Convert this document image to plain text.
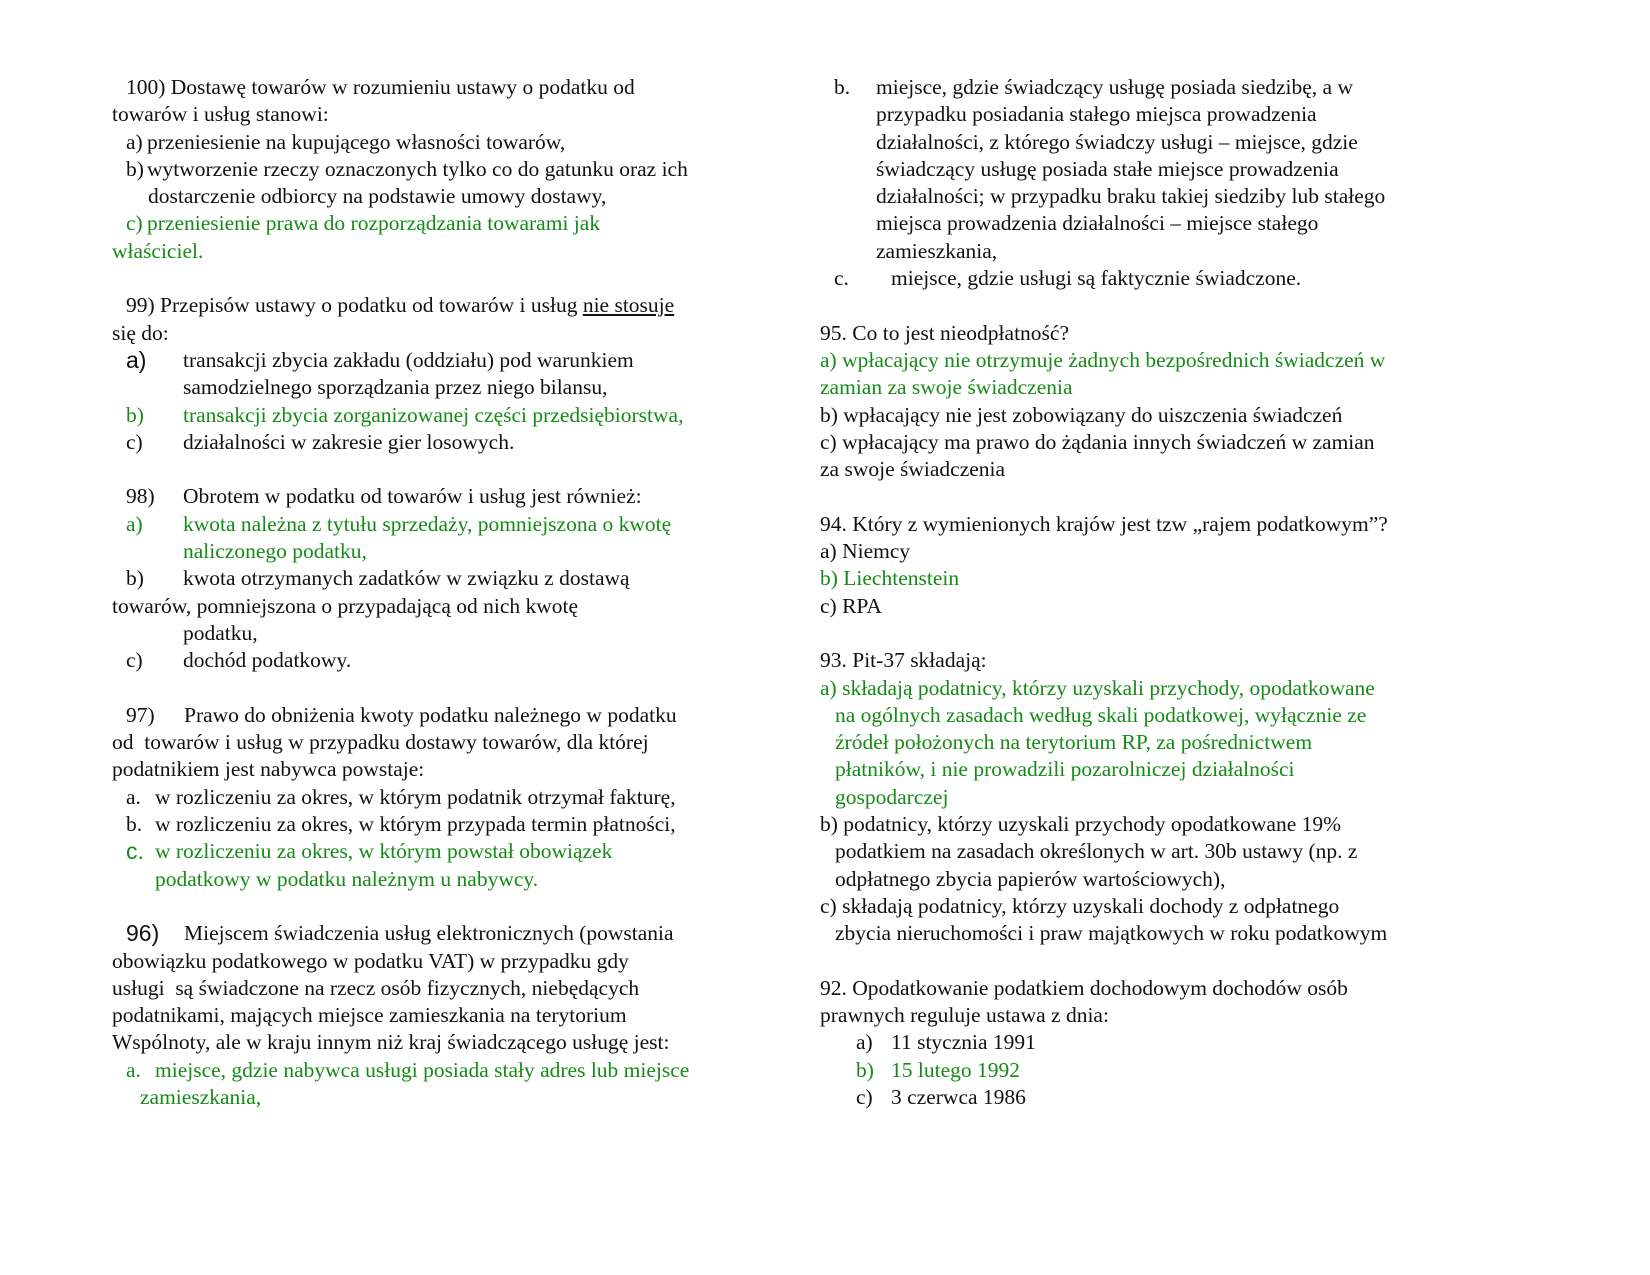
100) Dostawę towarów w rozumieniu ustawy o podatku od
towarów i usług stanowi:
a) przeniesienie na kupującego własności towarów,
b) wytworzenie rzeczy oznaczonych tylko co do gatunku oraz ich
dostarczenie odbiorcy na podstawie umowy dostawy,
c) przeniesienie prawa do rozporządzania towarami jak
właściciel.
99) Przepisów ustawy o podatku od towarów i usług nie stosuje
się do:
a) transakcji zbycia zakładu (oddziału) pod warunkiem
samodzielnego sporządzania przez niego bilansu,
b) transakcji zbycia zorganizowanej części przedsiębiorstwa,
c) działalności w zakresie gier losowych.
98) Obrotem w podatku od towarów i usług jest również:
a) kwota należna z tytułu sprzedaży, pomniejszona o kwotę
naliczonego podatku,
b) kwota otrzymanych zadatków w związku z dostawą
towarów, pomniejszona o przypadającą od nich kwotę
podatku,
c) dochód podatkowy.
97) Prawo do obniżenia kwoty podatku należnego w podatku
od  towarów i usług w przypadku dostawy towarów, dla której
podatnikiem jest nabywca powstaje:
a. w rozliczeniu za okres, w którym podatnik otrzymał fakturę,
b. w rozliczeniu za okres, w którym przypada termin płatności,
c. w rozliczeniu za okres, w którym powstał obowiązek
podatkowy w podatku należnym u nabywcy.
96) Miejscem świadczenia usług elektronicznych (powstania
obowiązku podatkowego w podatku VAT) w przypadku gdy
usługi  są świadczone na rzecz osób fizycznych, niebędących
podatnikami, mających miejsce zamieszkania na terytorium
Wspólnoty, ale w kraju innym niż kraj świadczącego usługę jest:
a. miejsce, gdzie nabywca usługi posiada stały adres lub miejsce
zamieszkania,
b. miejsce, gdzie świadczący usługę posiada siedzibę, a w
przypadku posiadania stałego miejsca prowadzenia
działalności, z którego świadczy usługi – miejsce, gdzie
świadczący usługę posiada stałe miejsce prowadzenia
działalności; w przypadku braku takiej siedziby lub stałego
miejsca prowadzenia działalności – miejsce stałego
zamieszkania,
c. miejsce, gdzie usługi są faktycznie świadczone.
95. Co to jest nieodpłatność?
a) wpłacający nie otrzymuje żadnych bezpośrednich świadczeń w
zamian za swoje świadczenia
b) wpłacający nie jest zobowiązany do uiszczenia świadczeń
c) wpłacający ma prawo do żądania innych świadczeń w zamian
za swoje świadczenia
94. Który z wymienionych krajów jest tzw „rajem podatkowym”?
a) Niemcy
b) Liechtenstein
c) RPA
93. Pit-37 składają:
a) składają podatnicy, którzy uzyskali przychody, opodatkowane
na ogólnych zasadach według skali podatkowej, wyłącznie ze
źródeł położonych na terytorium RP, za pośrednictwem
płatników, i nie prowadzili pozarolniczej działalności
gospodarczej
b) podatnicy, którzy uzyskali przychody opodatkowane 19%
podatkiem na zasadach określonych w art. 30b ustawy (np. z
odpłatnego zbycia papierów wartościowych),
c) składają podatnicy, którzy uzyskali dochody z odpłatnego
zbycia nieruchomości i praw majątkowych w roku podatkowym
92. Opodatkowanie podatkiem dochodowym dochodów osób
prawnych reguluje ustawa z dnia:
a) 11 stycznia 1991
b) 15 lutego 1992
c) 3 czerwca 1986
